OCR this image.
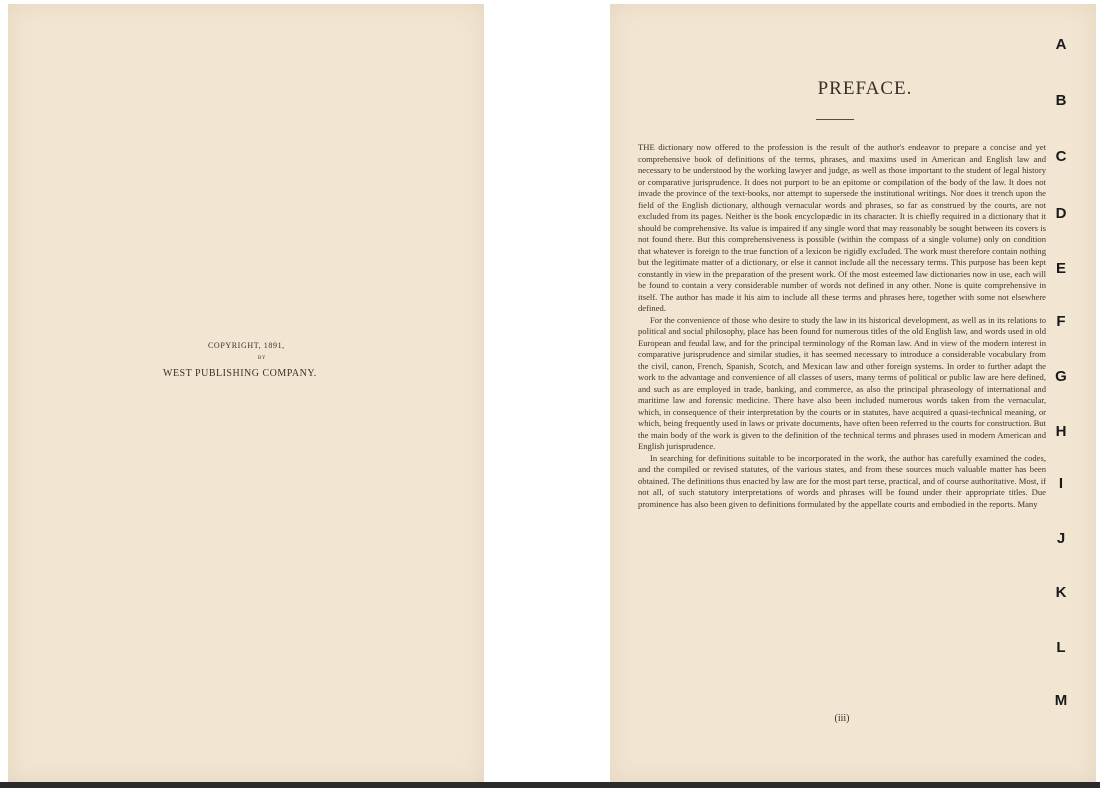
COPYRIGHT, 1891,
BY
WEST PUBLISHING COMPANY.
PREFACE.

THE dictionary now offered to the profession is the result of the author's endeavor to prepare a concise and yet comprehensive book of definitions of the terms, phrases, and maxims used in American and English law and necessary to be understood by the working lawyer and judge, as well as those important to the student of legal history or comparative jurisprudence. It does not purport to be an epitome or compilation of the body of the law. It does not invade the province of the text-books, nor attempt to supersede the institutional writings. Nor does it trench upon the field of the English dictionary, although vernacular words and phrases, so far as construed by the courts, are not excluded from its pages. Neither is the book encyclopædic in its character. It is chiefly required in a dictionary that it should be comprehensive. Its value is impaired if any single word that may reasonably be sought between its covers is not found there. But this comprehensiveness is possible (within the compass of a single volume) only on condition that whatever is foreign to the true function of a lexicon be rigidly excluded. The work must therefore contain nothing but the legitimate matter of a dictionary, or else it cannot include all the necessary terms. This purpose has been kept constantly in view in the preparation of the present work. Of the most esteemed law dictionaries now in use, each will be found to contain a very considerable number of words not defined in any other. None is quite comprehensive in itself. The author has made it his aim to include all these terms and phrases here, together with some not elsewhere defined.

For the convenience of those who desire to study the law in its historical development, as well as in its relations to political and social philosophy, place has been found for numerous titles of the old English law, and words used in old European and feudal law, and for the principal terminology of the Roman law. And in view of the modern interest in comparative jurisprudence and similar studies, it has seemed necessary to introduce a considerable vocabulary from the civil, canon, French, Spanish, Scotch, and Mexican law and other foreign systems. In order to further adapt the work to the advantage and convenience of all classes of users, many terms of political or public law are here defined, and such as are employed in trade, banking, and commerce, as also the principal phraseology of international and maritime law and forensic medicine. There have also been included numerous words taken from the vernacular, which, in consequence of their interpretation by the courts or in statutes, have acquired a quasi-technical meaning, or which, being frequently used in laws or private documents, have often been referred to the courts for construction. But the main body of the work is given to the definition of the technical terms and phrases used in modern American and English jurisprudence.

In searching for definitions suitable to be incorporated in the work, the author has carefully examined the codes, and the compiled or revised statutes, of the various states, and from these sources much valuable matter has been obtained. The definitions thus enacted by law are for the most part terse, practical, and of course authoritative. Most, if not all, of such statutory interpretations of words and phrases will be found under their appropriate titles. Due prominence has also been given to definitions formulated by the appellate courts and embodied in the reports. Many

(iii)
A
B
C
D
E
F
G
H
I
J
K
L
M
